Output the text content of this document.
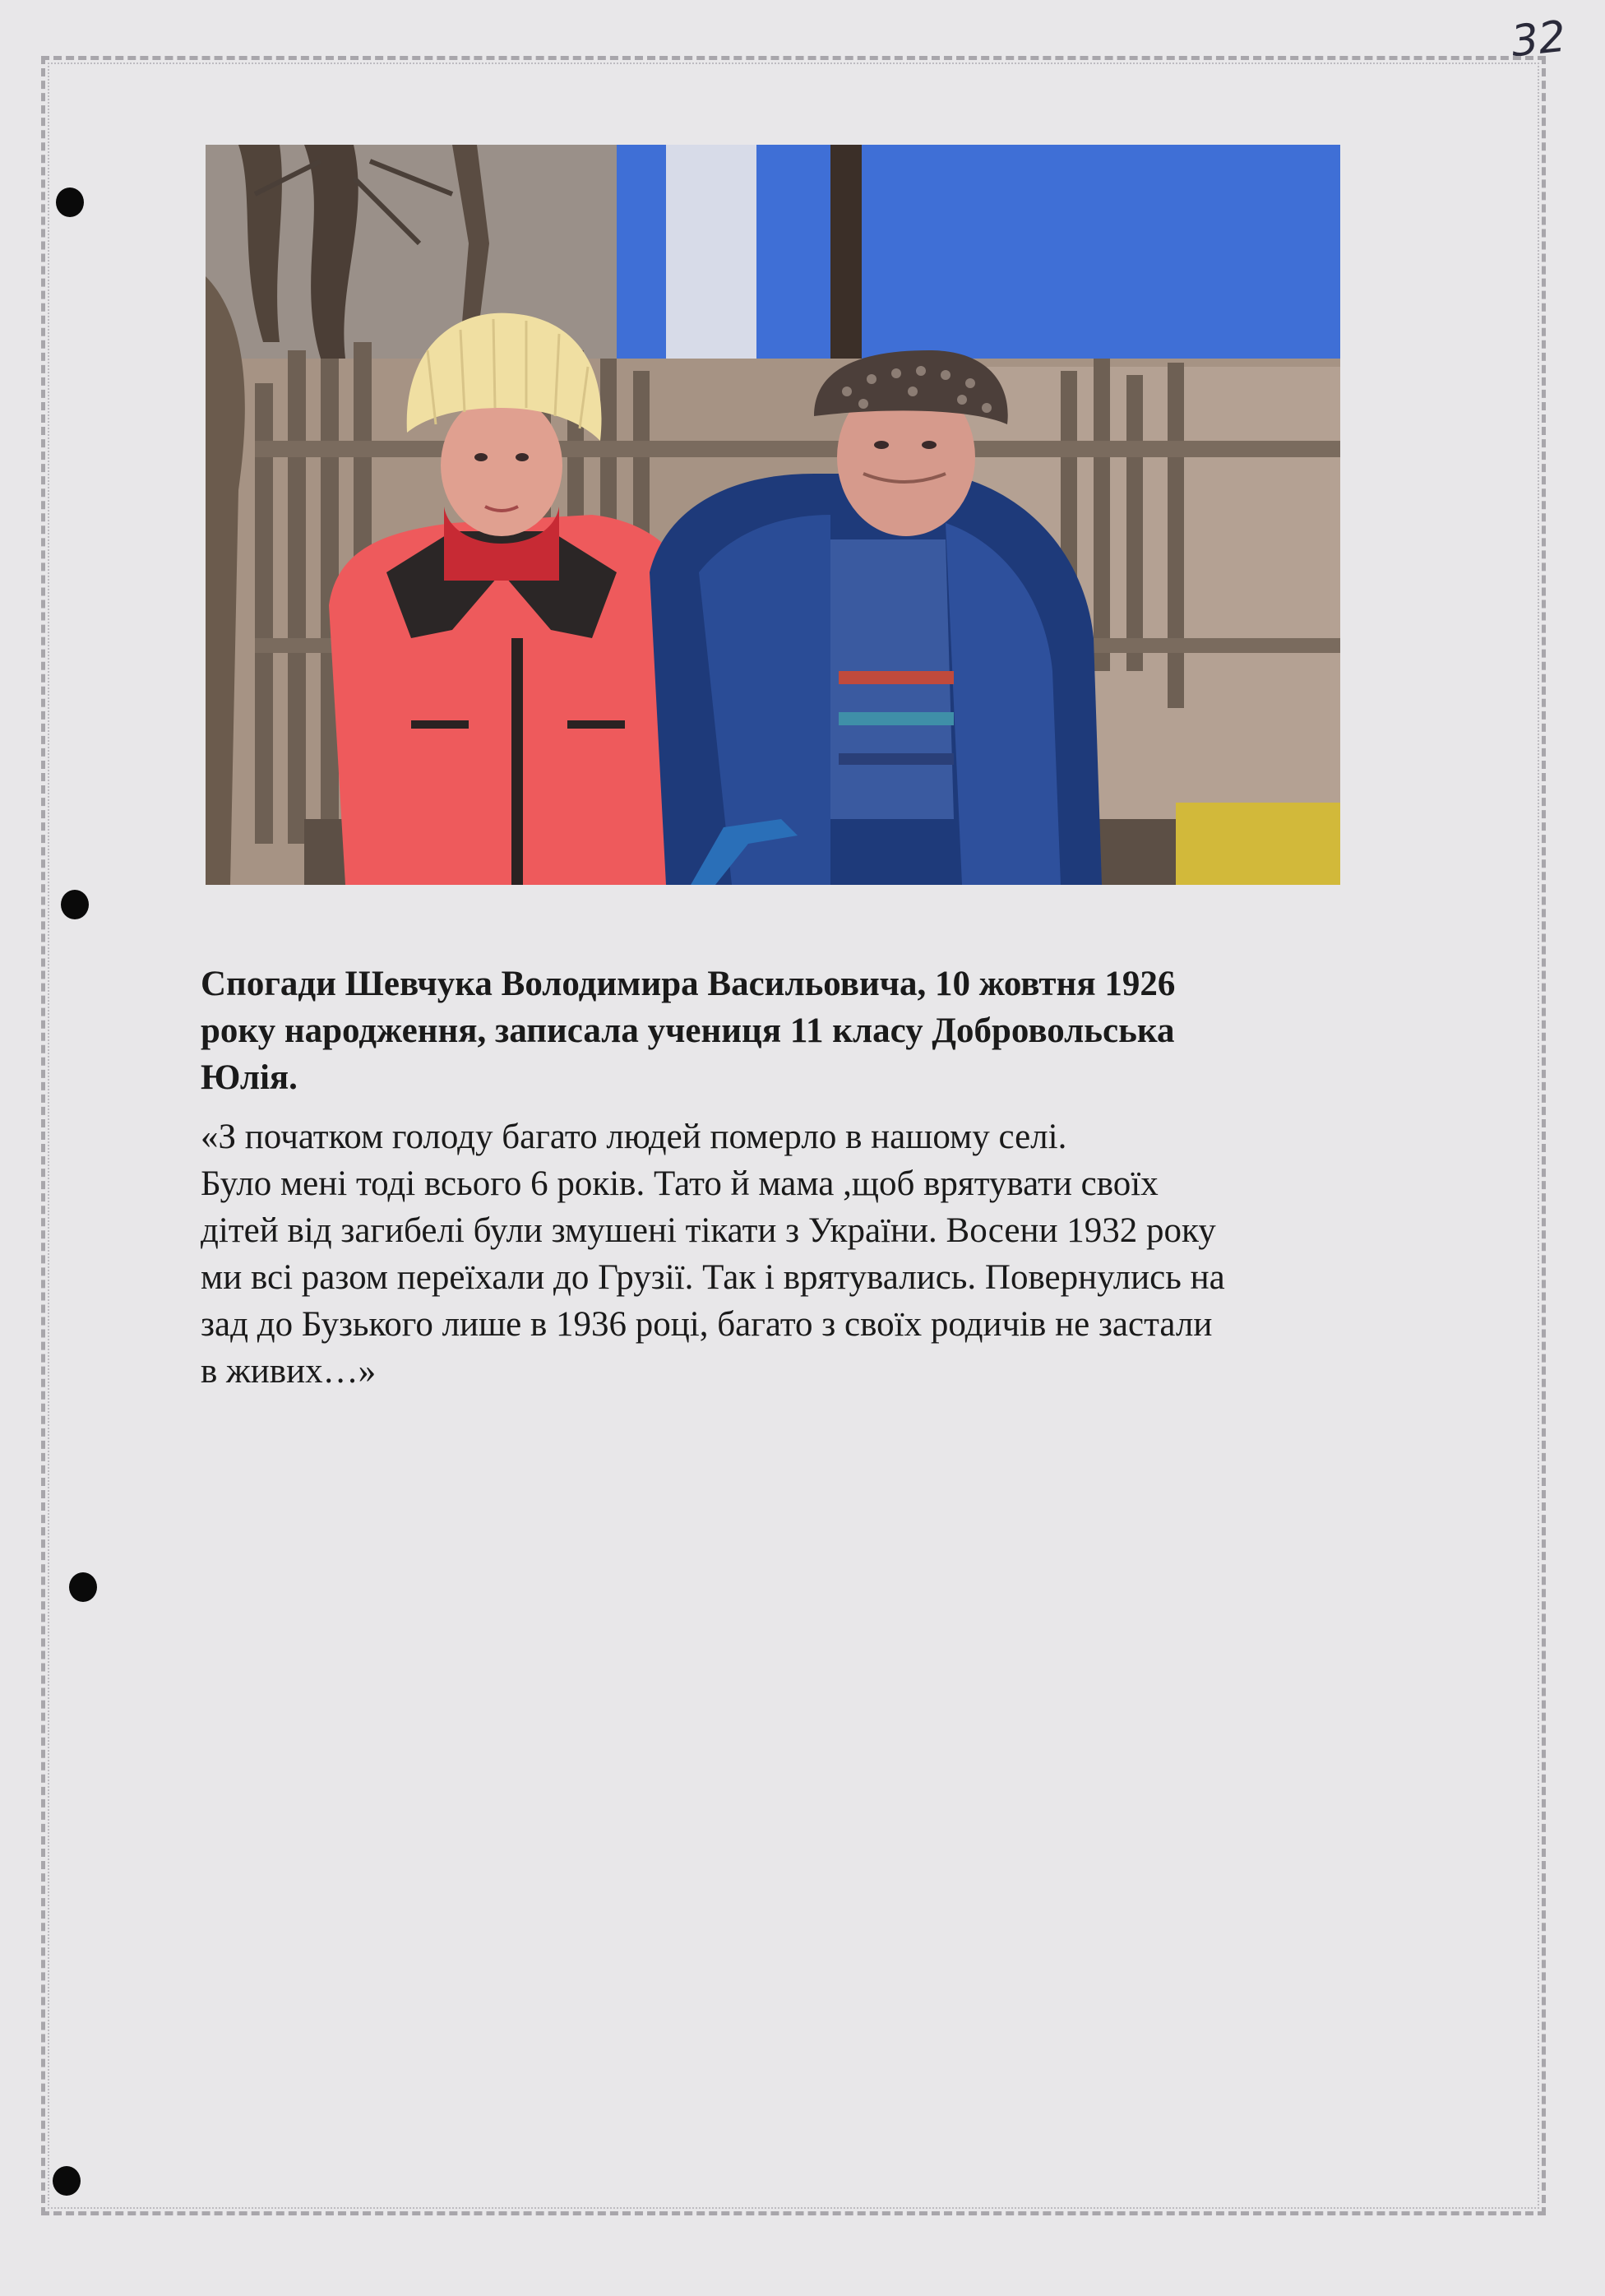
32
Спогади Шевчука Володимира Васильовича, 10 жовтня 1926
року народження, записала учениця 11 класу Добровольська
Юлія.
«З початком голоду багато людей померло в нашому селі.
Було мені тоді всього 6 років. Тато й мама ,щоб врятувати своїх
дітей від загибелі були змушені тікати з України. Восени 1932 року
ми всі разом переїхали до Грузії. Так і врятувались. Повернулись на
зад до Бузького лише в 1936 році, багато з своїх родичів не застали
в живих…»
